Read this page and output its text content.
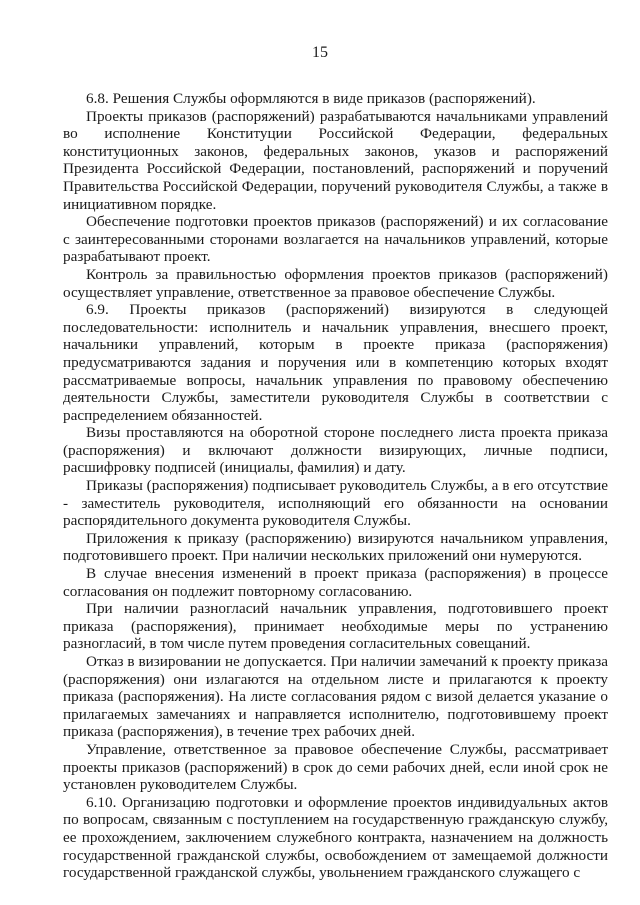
15

6.8. Решения Службы оформляются в виде приказов (распоряжений).

Проекты приказов (распоряжений) разрабатываются начальниками управлений во исполнение Конституции Российской Федерации, федеральных конституционных законов, федеральных законов, указов и распоряжений Президента Российской Федерации, постановлений, распоряжений и поручений Правительства Российской Федерации, поручений руководителя Службы, а также в инициативном порядке.

Обеспечение подготовки проектов приказов (распоряжений) и их согласование с заинтересованными сторонами возлагается на начальников управлений, которые разрабатывают проект.

Контроль за правильностью оформления проектов приказов (распоряжений) осуществляет управление, ответственное за правовое обеспечение Службы.

6.9. Проекты приказов (распоряжений) визируются в следующей последовательности: исполнитель и начальник управления, внесшего проект, начальники управлений, которым в проекте приказа (распоряжения) предусматриваются задания и поручения или в компетенцию которых входят рассматриваемые вопросы, начальник управления по правовому обеспечению деятельности Службы, заместители руководителя Службы в соответствии с распределением обязанностей.

Визы проставляются на оборотной стороне последнего листа проекта приказа (распоряжения) и включают должности визирующих, личные подписи, расшифровку подписей (инициалы, фамилия) и дату.

Приказы (распоряжения) подписывает руководитель Службы, а в его отсутствие - заместитель руководителя, исполняющий его обязанности на основании распорядительного документа руководителя Службы.

Приложения к приказу (распоряжению) визируются начальником управления, подготовившего проект. При наличии нескольких приложений они нумеруются.

В случае внесения изменений в проект приказа (распоряжения) в процессе согласования он подлежит повторному согласованию.

При наличии разногласий начальник управления, подготовившего проект приказа (распоряжения), принимает необходимые меры по устранению разногласий, в том числе путем проведения согласительных совещаний.

Отказ в визировании не допускается. При наличии замечаний к проекту приказа (распоряжения) они излагаются на отдельном листе и прилагаются к проекту приказа (распоряжения). На листе согласования рядом с визой делается указание о прилагаемых замечаниях и направляется исполнителю, подготовившему проект приказа (распоряжения), в течение трех рабочих дней.

Управление, ответственное за правовое обеспечение Службы, рассматривает проекты приказов (распоряжений) в срок до семи рабочих дней, если иной срок не установлен руководителем Службы.

6.10. Организацию подготовки и оформление проектов индивидуальных актов по вопросам, связанным с поступлением на государственную гражданскую службу, ее прохождением, заключением служебного контракта, назначением на должность государственной гражданской службы, освобождением от замещаемой должности государственной гражданской службы, увольнением гражданского служащего с
